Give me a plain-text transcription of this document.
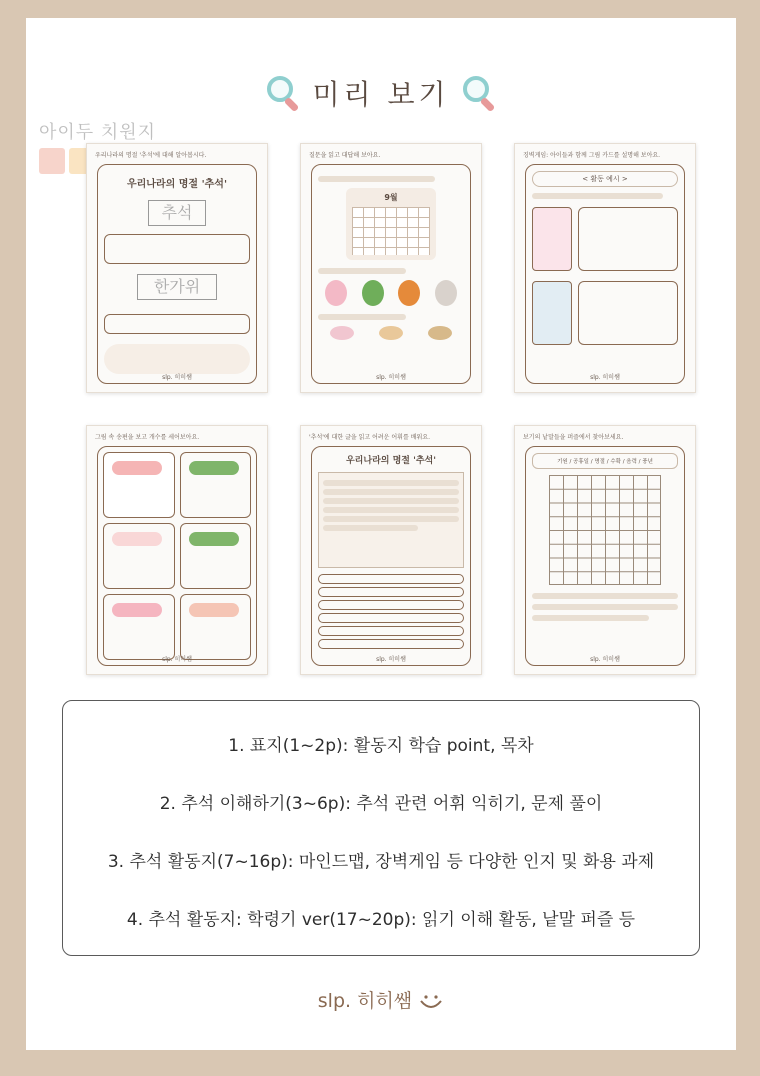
미리 보기
아이두 치원지
우리나라의 명절 '추석'에 대해 알아봅시다.
우리나라의 명절 '추석'
추석
한가위
slp. 히히쌤
질문을 읽고 대답해 보아요.
9월
slp. 히히쌤
징벽게임: 아이들과 함께 그림 카드를 설명해 보아요.
< 활동 예시 >
slp. 히히쌤
그림 속 송편을 보고 개수를 세어보아요.
slp. 히히쌤
'추석'에 대한 글을 읽고 어려운 어휘를 배워요.
우리나라의 명절 '추석'
slp. 히히쌤
보기의 낱말들을 퍼즐에서 찾아보세요.
기원 / 공휴일 / 명절 / 수확 / 음력 / 풍년
slp. 히히쌤
1. 표지(1~2p): 활동지 학습 point, 목차
2. 추석 이해하기(3~6p): 추석 관련 어휘 익히기, 문제 풀이
3. 추석 활동지(7~16p): 마인드맵, 장벽게임 등 다양한 인지 및 화용 과제
4. 추석 활동지: 학령기 ver(17~20p): 읽기 이해 활동, 낱말 퍼즐 등
slp. 히히쌤
